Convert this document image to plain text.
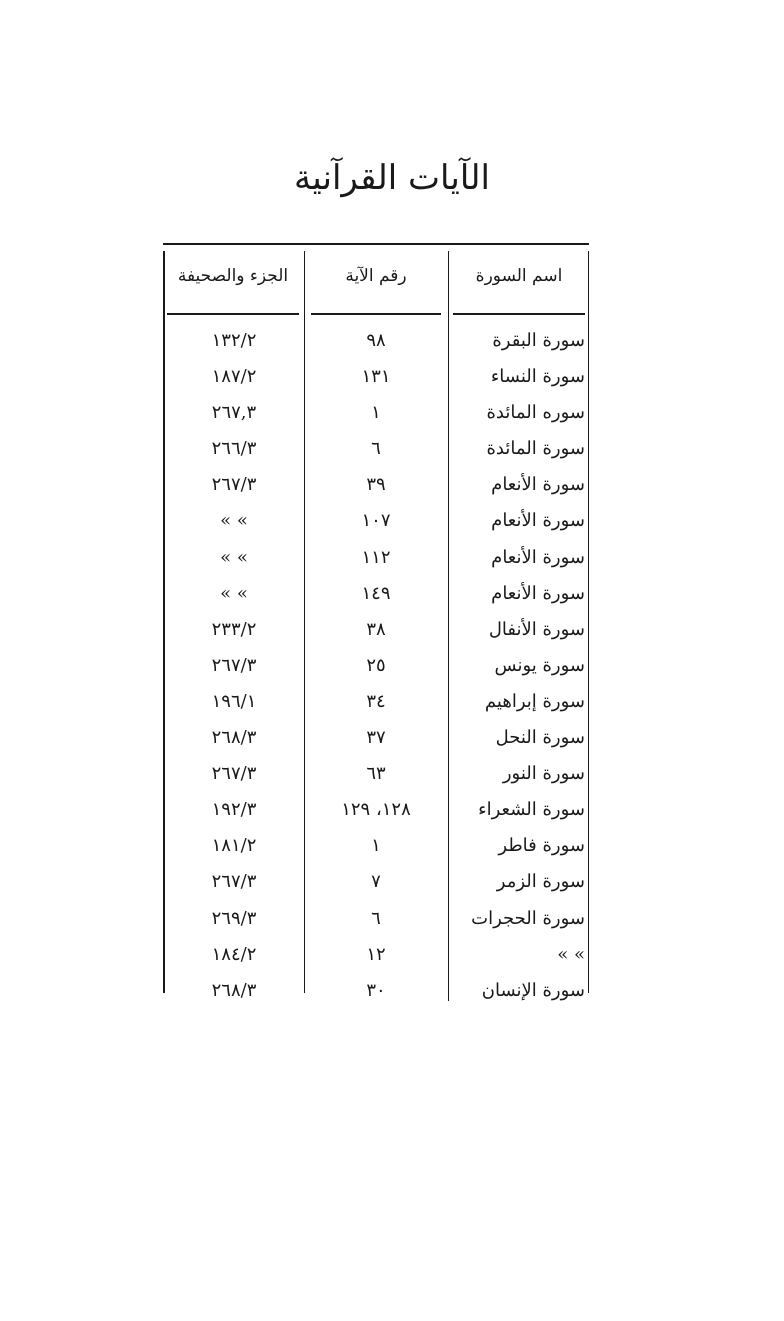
الآيات القرآنية
اسم السورة
رقم الآية
الجزء والصحيفة
سورة البقرة
٩٨
١٣٢/٢
سورة النساء
١٣١
١٨٧/٢
سوره المائدة
١
٢٦٧,٣
سورة المائدة
٦
٢٦٦/٣
سورة الأنعام
٣٩
٢٦٧/٣
سورة الأنعام
١٠٧
» »
سورة الأنعام
١١٢
» »
سورة الأنعام
١٤٩
» »
سورة الأنفال
٣٨
٢٣٣/٢
سورة يونس
٢٥
٢٦٧/٣
سورة إبراهيم
٣٤
١٩٦/١
سورة النحل
٣٧
٢٦٨/٣
سورة النور
٦٣
٢٦٧/٣
سورة الشعراء
١٢٨، ١٢٩
١٩٢/٣
سورة فاطر
١
١٨١/٢
سورة الزمر
٧
٢٦٧/٣
سورة الحجرات
٦
٢٦٩/٣
» »
١٢
١٨٤/٢
سورة الإنسان
٣٠
٢٦٨/٣
